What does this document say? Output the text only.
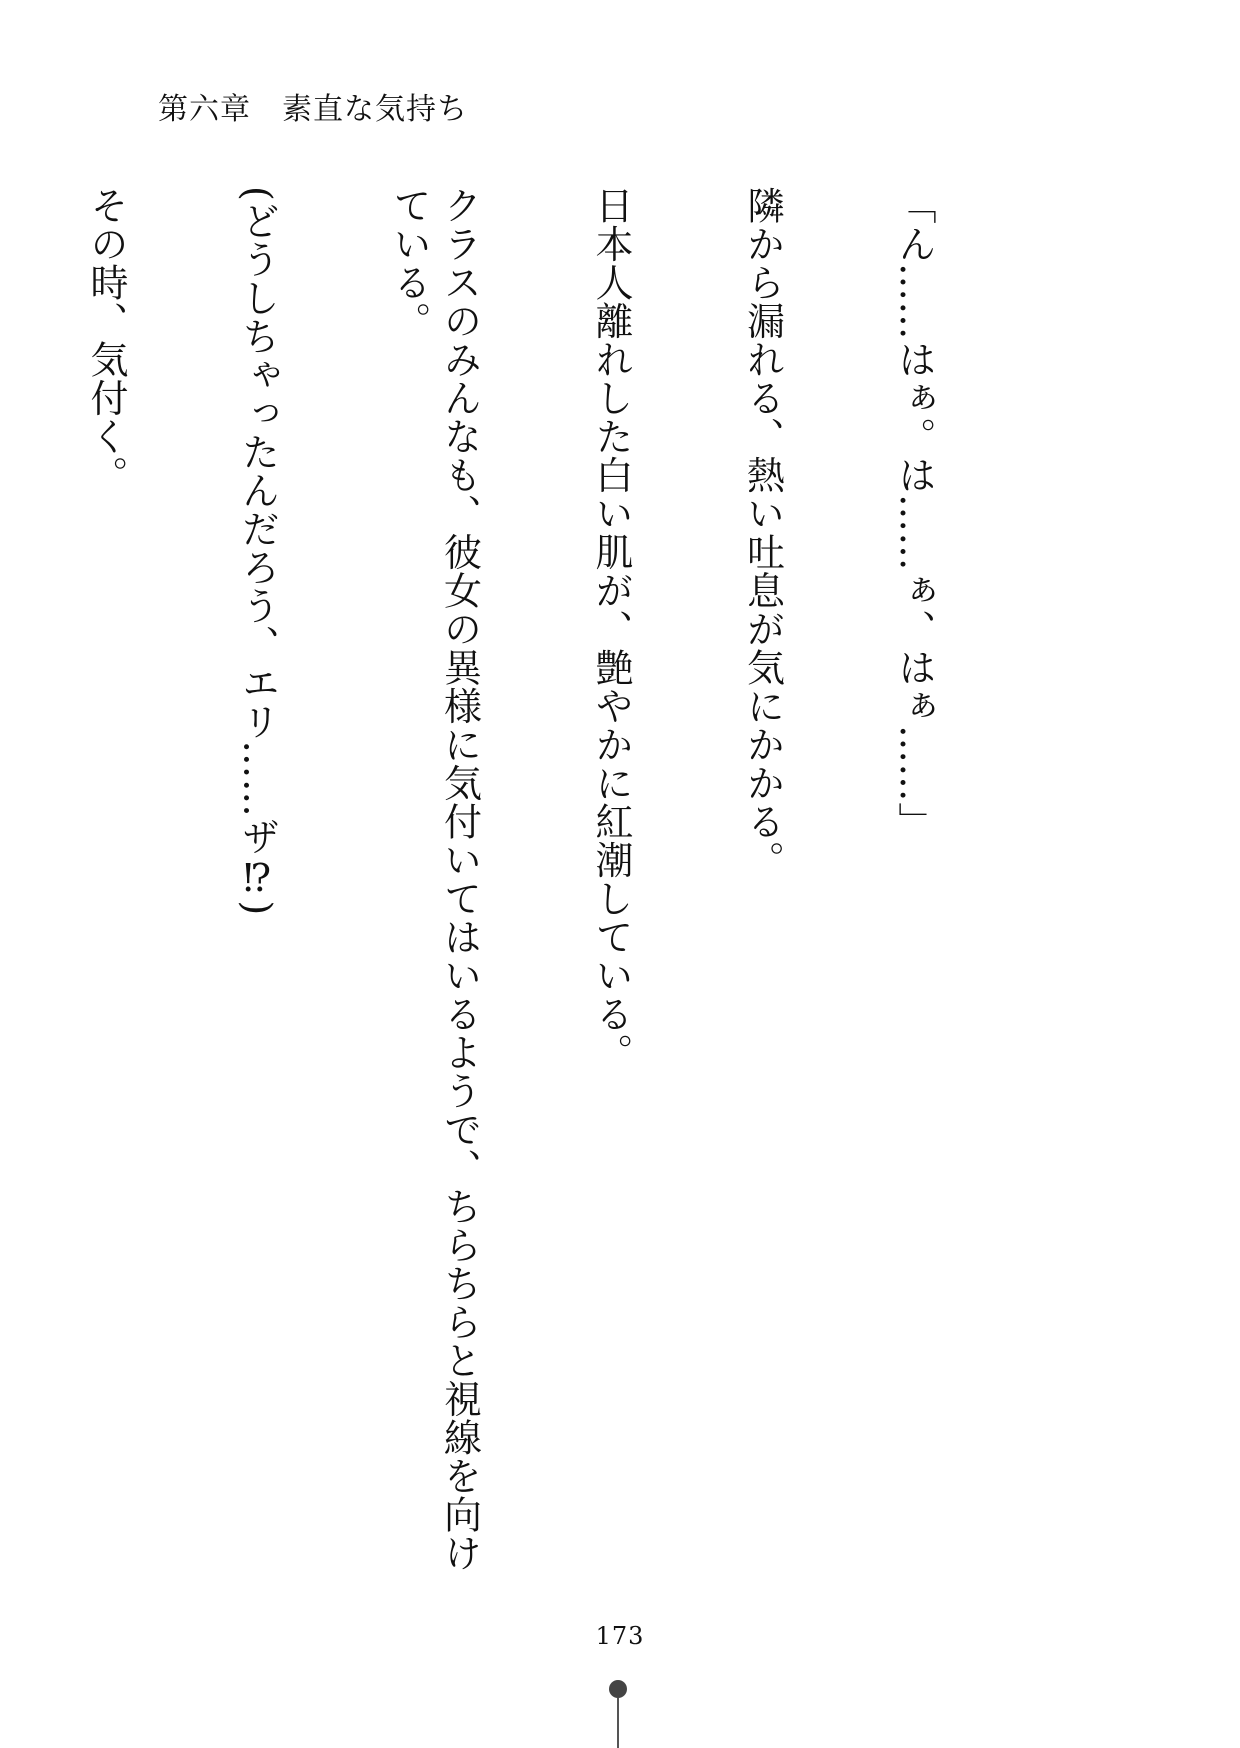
第六章　素直な気持ち

「ん……はぁ。は……ぁ、はぁ……」

隣から漏れる、熱い吐息が気にかかる。

日本人離れした白い肌が、艶やかに紅潮している。

クラスのみんなも、彼女の異様に気付いてはいるようで、ちらちらと視線を向けている。

(どうしちゃったんだろう、エリ……ザ⁉)

その時、気付く。

173
